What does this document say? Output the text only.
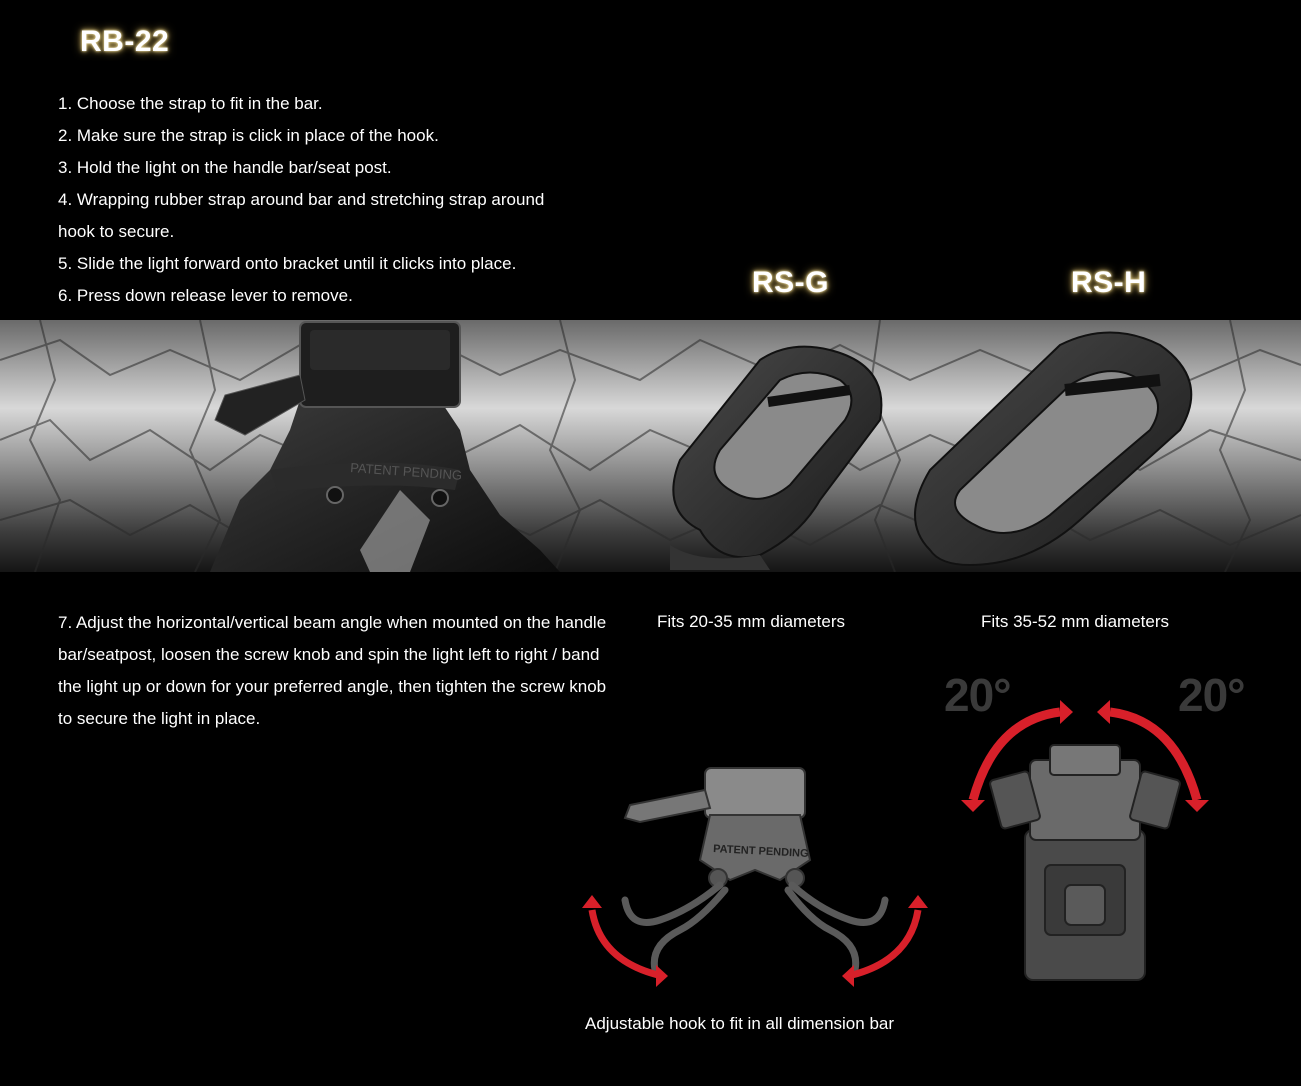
RB-22
1. Choose the strap to fit in the bar.
2. Make sure the strap is click in place of the hook.
3. Hold the light on the handle bar/seat post.
4. Wrapping rubber strap around bar and stretching strap around
hook to secure.
5. Slide the light forward onto bracket until it clicks into place.
6. Press down release lever to remove.	RS-G	RS-H
PATENT PENDING
7. Adjust the horizontal/vertical beam angle when mounted on the handle bar/seatpost, loosen the screw knob and spin the light left to right / band the light up or down for your preferred angle, then tighten the screw knob to secure the light in place.
Fits 20-35 mm diameters	Fits 35-52 mm diameters
20°	20°
PATENT PENDING
Adjustable hook to fit in all dimension bar
